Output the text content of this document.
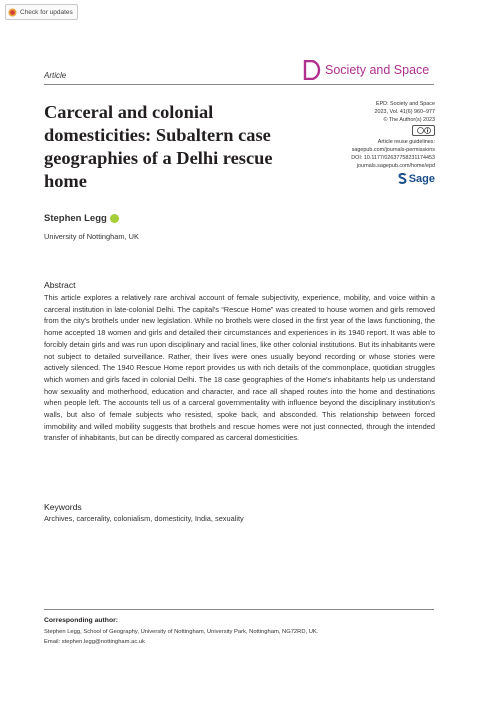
Check for updates
Article	Society and Space
Carceral and colonial domesticities: Subaltern case geographies of a Delhi rescue home
EPD: Society and Space
2023, Vol. 41(6) 960–977
© The Author(s) 2023
Article reuse guidelines:
sagepub.com/journals-permissions
DOI: 10.1177/02637758231174453
journals.sagepub.com/home/epd
Sage
Stephen Legg
University of Nottingham, UK
Abstract

This article explores a relatively rare archival account of female subjectivity, experience, mobility, and voice within a carceral institution in late-colonial Delhi. The capital's “Rescue Home” was created to house women and girls removed from the city's brothels under new legislation. While no brothels were closed in the first year of the laws functioning, the home accepted 18 women and girls and detailed their circumstances and experiences in its 1940 report. It was able to forcibly detain girls and was run upon disciplinary and racial lines, like other colonial institutions. But its inhabitants were not subject to detailed surveillance. Rather, their lives were ones usually beyond recording or whose stories were actively silenced. The 1940 Rescue Home report provides us with rich details of the commonplace, quotidian struggles which women and girls faced in colonial Delhi. The 18 case geographies of the Home's inhabitants help us understand how sexuality and motherhood, education and character, and race all shaped routes into the home and destinations when people left. The accounts tell us of a carceral governmentality with influence beyond the disciplinary institution's walls, but also of female subjects who resisted, spoke back, and absconded. This relationship between forced immobility and willed mobility suggests that brothels and rescue homes were not just connected, through the intended transfer of inhabitants, but can be directly compared as carceral domesticities.

Keywords
Archives, carcerality, colonialism, domesticity, India, sexuality
Corresponding author:
Stephen Legg, School of Geography, University of Nottingham, University Park, Nottingham, NG72RD, UK.
Email: stephen.legg@nottingham.ac.uk
